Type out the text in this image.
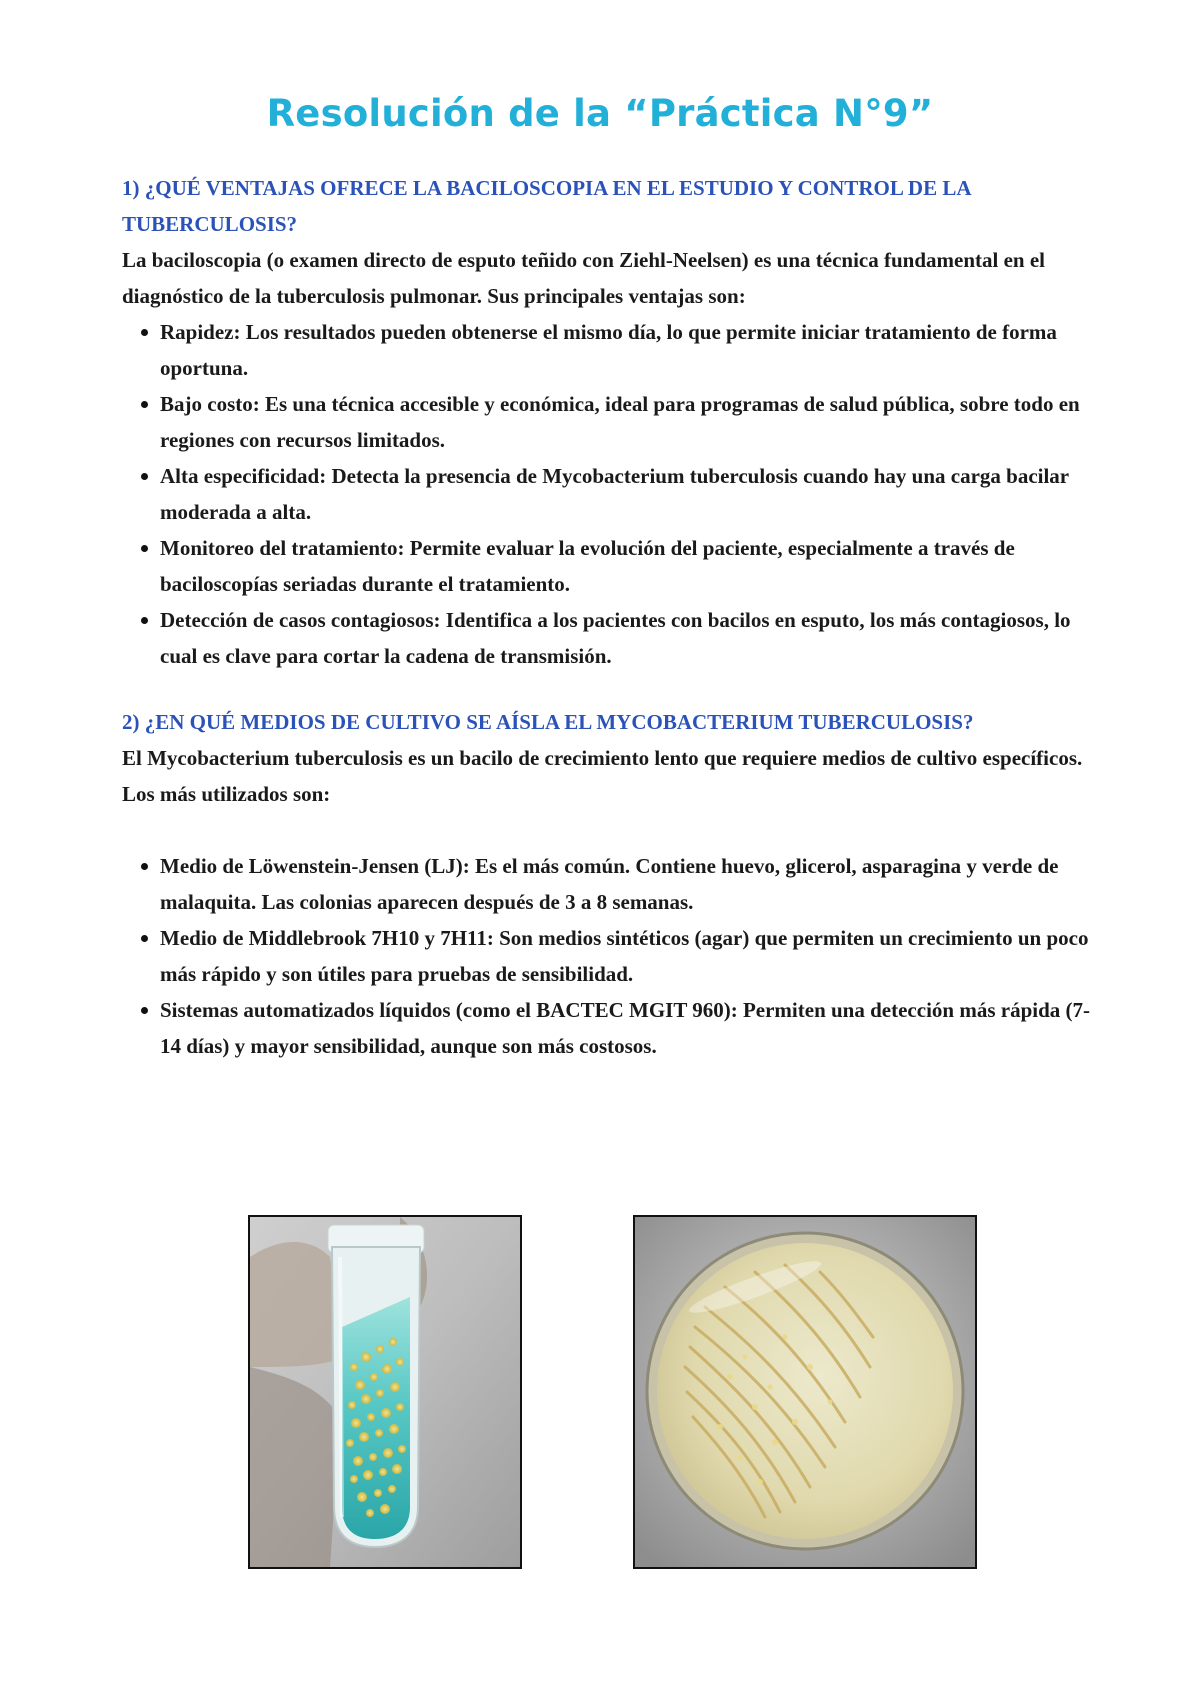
Resolución de la “Práctica N°9”

1) ¿QUÉ VENTAJAS OFRECE LA BACILOSCOPIA EN EL ESTUDIO Y CONTROL DE LA TUBERCULOSIS?

La baciloscopia (o examen directo de esputo teñido con Ziehl-Neelsen) es una técnica fundamental en el diagnóstico de la tuberculosis pulmonar. Sus principales ventajas son:

Rapidez: Los resultados pueden obtenerse el mismo día, lo que permite iniciar tratamiento de forma oportuna.
Bajo costo: Es una técnica accesible y económica, ideal para programas de salud pública, sobre todo en regiones con recursos limitados.
Alta especificidad: Detecta la presencia de Mycobacterium tuberculosis cuando hay una carga bacilar moderada a alta.
Monitoreo del tratamiento: Permite evaluar la evolución del paciente, especialmente a través de baciloscopías seriadas durante el tratamiento.
Detección de casos contagiosos: Identifica a los pacientes con bacilos en esputo, los más contagiosos, lo cual es clave para cortar la cadena de transmisión.

2) ¿EN QUÉ MEDIOS DE CULTIVO SE AÍSLA EL MYCOBACTERIUM TUBERCULOSIS?

El Mycobacterium tuberculosis es un bacilo de crecimiento lento que requiere medios de cultivo específicos. Los más utilizados son:

Medio de Löwenstein-Jensen (LJ): Es el más común. Contiene huevo, glicerol, asparagina y verde de malaquita. Las colonias aparecen después de 3 a 8 semanas.
Medio de Middlebrook 7H10 y 7H11: Son medios sintéticos (agar) que permiten un crecimiento un poco más rápido y son útiles para pruebas de sensibilidad.
Sistemas automatizados líquidos (como el BACTEC MGIT 960): Permiten una detección más rápida (7-14 días) y mayor sensibilidad, aunque son más costosos.
